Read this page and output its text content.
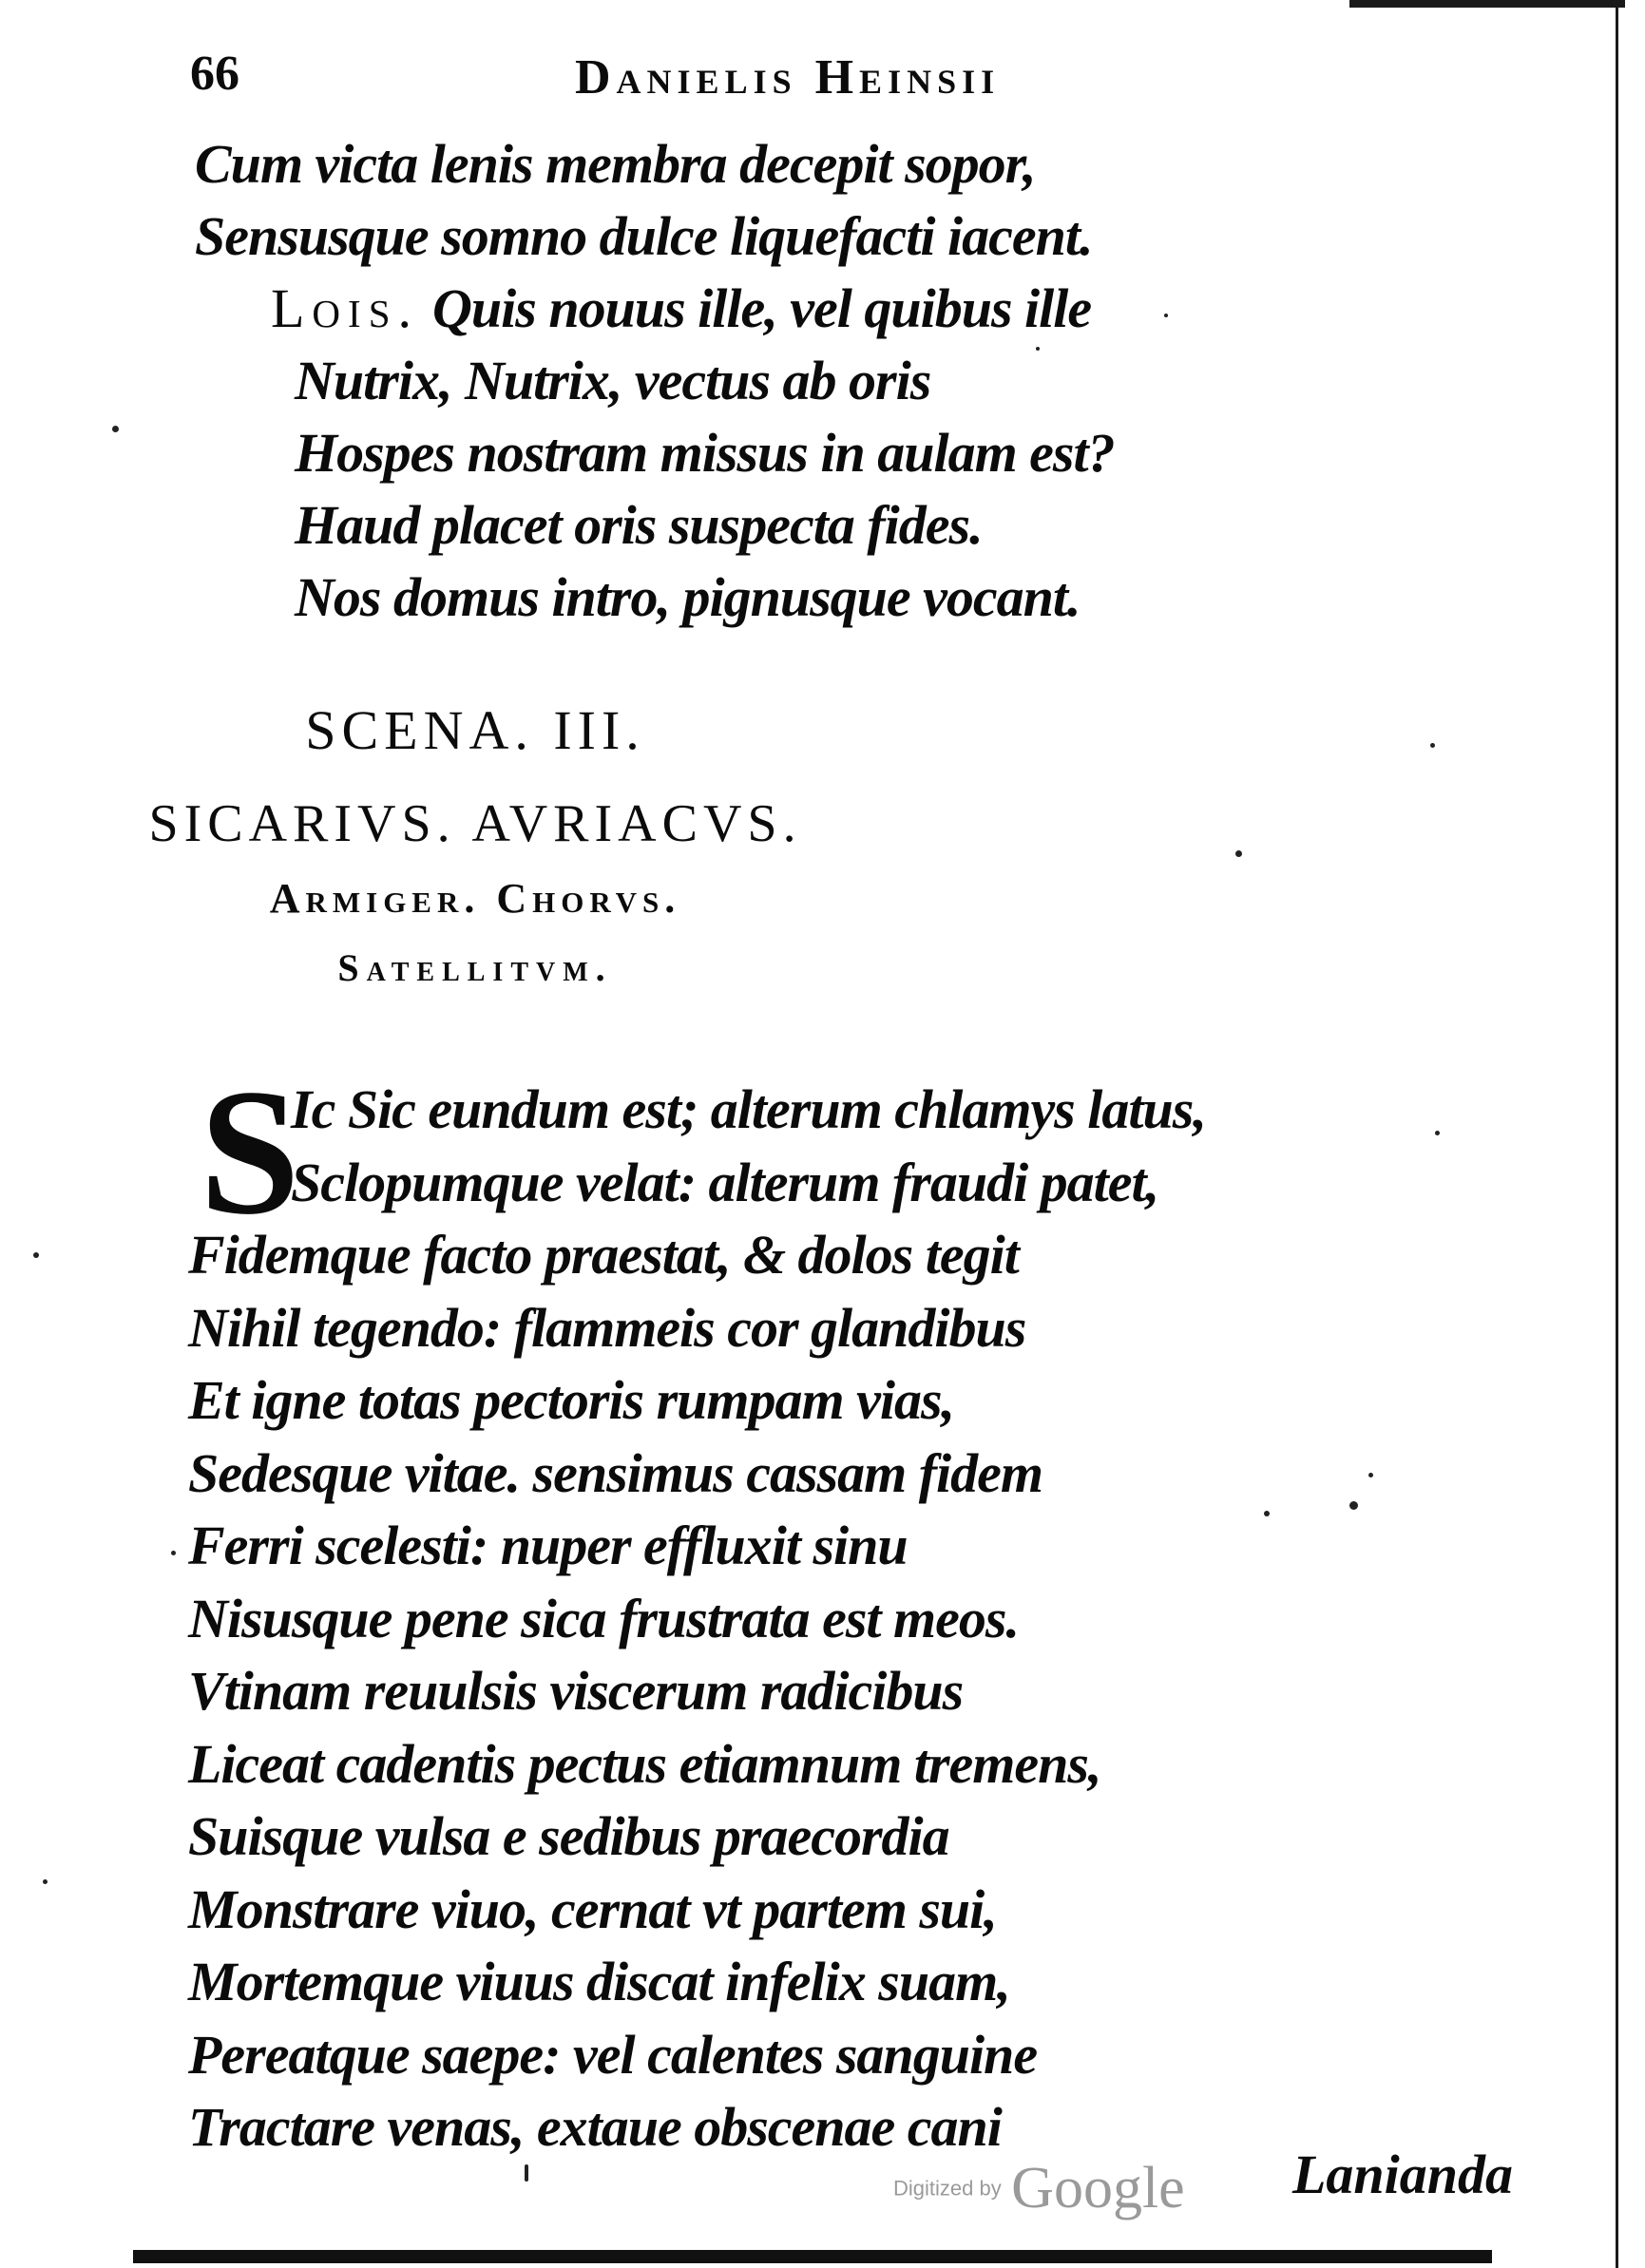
66	Danielis Heinsii
Cum victa lenis membra decepit sopor,
Sensusque somno dulce liquefacti iacent.
Lois. Quis nouus ille, vel quibus ille
Nutrix, Nutrix, vectus ab oris
Hospes nostram missus in aulam est?
Haud placet oris suspecta fides.
Nos domus intro, pignusque vocant.
SCENA. III.
SICARIVS. AVRIACVS.
Armiger. Chorvs.
Satellitvm.
S
Ic Sic eundum est; alterum chlamys latus,
Sclopumque velat: alterum fraudi patet,
Fidemque facto praestat, & dolos tegit
Nihil tegendo: flammeis cor glandibus
Et igne totas pectoris rumpam vias,
Sedesque vitae. sensimus cassam fidem
Ferri scelesti: nuper effluxit sinu
Nisusque pene sica frustrata est meos.
Vtinam reuulsis viscerum radicibus
Liceat cadentis pectus etiamnum tremens,
Suisque vulsa e sedibus praecordia
Monstrare viuo, cernat vt partem sui,
Mortemque viuus discat infelix suam,
Pereatque saepe: vel calentes sanguine
Tractare venas, extaue obscenae cani
Digitized by Google	Lanianda
